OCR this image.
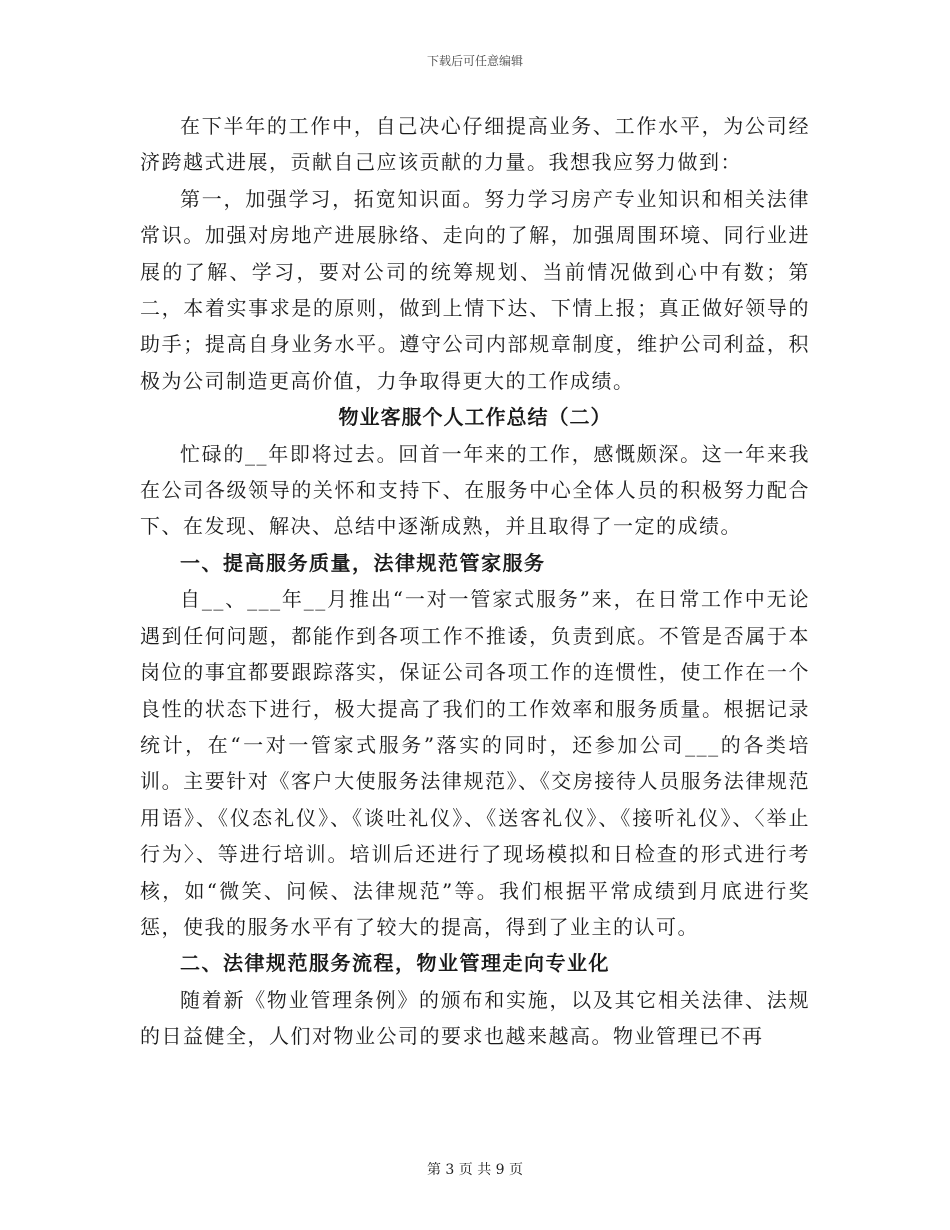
下载后可任意编辑

在下半年的工作中，自己决心仔细提高业务、工作水平，为公司经济跨越式进展，贡献自己应该贡献的力量。我想我应努力做到：

第一，加强学习，拓宽知识面。努力学习房产专业知识和相关法律常识。加强对房地产进展脉络、走向的了解，加强周围环境、同行业进展的了解、学习，要对公司的统筹规划、当前情况做到心中有数；第二，本着实事求是的原则，做到上情下达、下情上报；真正做好领导的助手；提高自身业务水平。遵守公司内部规章制度，维护公司利益，积极为公司制造更高价值，力争取得更大的工作成绩。

物业客服个人工作总结（二）

忙碌的__年即将过去。回首一年来的工作，感慨颇深。这一年来我在公司各级领导的关怀和支持下、在服务中心全体人员的积极努力配合下、在发现、解决、总结中逐渐成熟，并且取得了一定的成绩。

一、提高服务质量，法律规范管家服务

自__、___年__月推出“一对一管家式服务”来，在日常工作中无论遇到任何问题，都能作到各项工作不推诿，负责到底。不管是否属于本岗位的事宜都要跟踪落实，保证公司各项工作的连惯性，使工作在一个良性的状态下进行，极大提高了我们的工作效率和服务质量。根据记录统计，在“一对一管家式服务”落实的同时，还参加公司___的各类培训。主要针对《客户大使服务法律规范》、《交房接待人员服务法律规范用语》、《仪态礼仪》、《谈吐礼仪》、《送客礼仪》、《接听礼仪》、〈举止行为〉、等进行培训。培训后还进行了现场模拟和日检查的形式进行考核，如“微笑、问候、法律规范”等。我们根据平常成绩到月底进行奖惩，使我的服务水平有了较大的提高，得到了业主的认可。

二、法律规范服务流程，物业管理走向专业化

随着新《物业管理条例》的颁布和实施，以及其它相关法律、法规的日益健全，人们对物业公司的要求也越来越高。物业管理已不再

第 3 页 共 9 页
